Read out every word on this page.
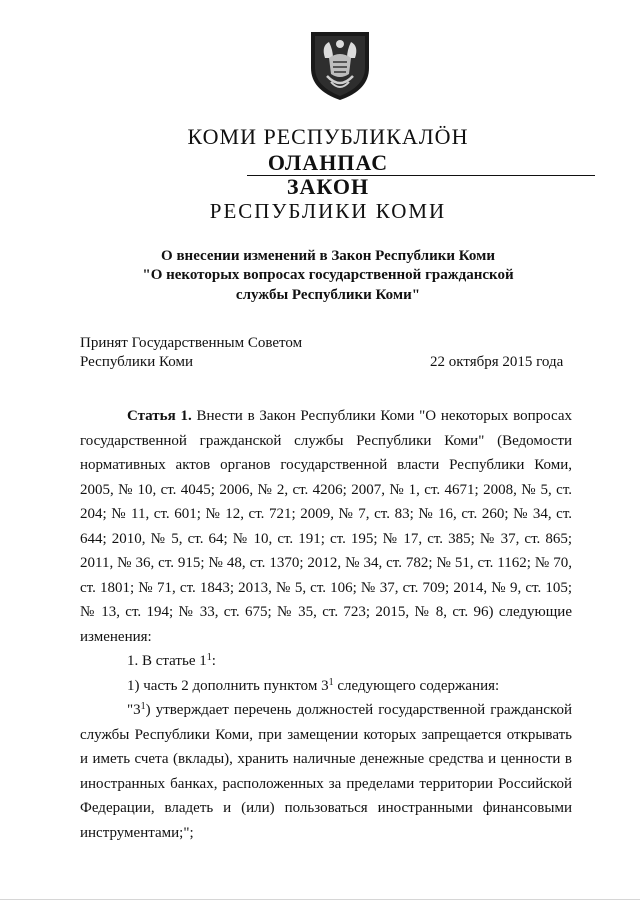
КОМИ РЕСПУБЛИКАЛӦН
ОЛАНПАС
ЗАКОН
РЕСПУБЛИКИ КОМИ
О внесении изменений в Закон Республики Коми
"О некоторых вопросах государственной гражданской
службы Республики Коми"
Принят Государственным Советом
Республики Коми	22 октября 2015 года

Статья 1. Внести в Закон Республики Коми "О некоторых вопросах государственной гражданской службы Республики Коми" (Ведомости нормативных актов органов государственной власти Республики Коми, 2005, № 10, ст. 4045; 2006, № 2, ст. 4206; 2007, № 1, ст. 4671; 2008, № 5, ст. 204; № 11, ст. 601; № 12, ст. 721; 2009, № 7, ст. 83; № 16, ст. 260; № 34, ст. 644; 2010, № 5, ст. 64; № 10, ст. 191; ст. 195; № 17, ст. 385; № 37, ст. 865; 2011, № 36, ст. 915; № 48, ст. 1370; 2012, № 34, ст. 782; № 51, ст. 1162; № 70, ст. 1801; № 71, ст. 1843; 2013, № 5, ст. 106; № 37, ст. 709; 2014, № 9, ст. 105; № 13, ст. 194; № 33, ст. 675; № 35, ст. 723; 2015, № 8, ст. 96) следующие изменения:

1. В статье $1^1$:

1) часть 2 дополнить пунктом $3^1$ следующего содержания:

"$3^1$) утверждает перечень должностей государственной гражданской службы Республики Коми, при замещении которых запрещается открывать и иметь счета (вклады), хранить наличные денежные средства и ценности в иностранных банках, расположенных за пределами территории Российской Федерации, владеть и (или) пользоваться иностранными финансовыми инструментами;";
